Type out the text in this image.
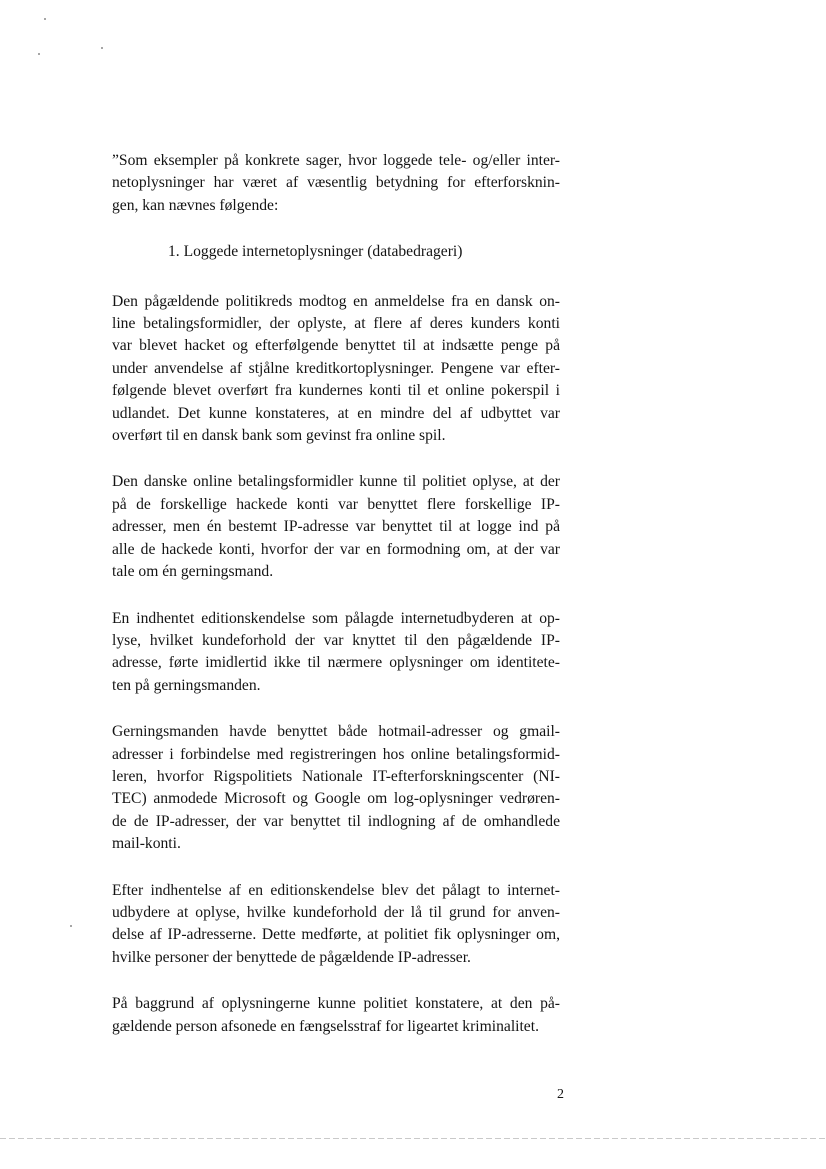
”Som eksempler på konkrete sager, hvor loggede tele- og/eller inter-
netoplysninger har været af væsentlig betydning for efterforsknin-
gen, kan nævnes følgende:

1. Loggede internetoplysninger (databedrageri)

Den pågældende politikreds modtog en anmeldelse fra en dansk on-
line betalingsformidler, der oplyste, at flere af deres kunders konti
var blevet hacket og efterfølgende benyttet til at indsætte penge på
under anvendelse af stjålne kreditkortoplysninger. Pengene var efter-
følgende blevet overført fra kundernes konti til et online pokerspil i
udlandet. Det kunne konstateres, at en mindre del af udbyttet var
overført til en dansk bank som gevinst fra online spil.

Den danske online betalingsformidler kunne til politiet oplyse, at der
på de forskellige hackede konti var benyttet flere forskellige IP-
adresser, men én bestemt IP-adresse var benyttet til at logge ind på
alle de hackede konti, hvorfor der var en formodning om, at der var
tale om én gerningsmand.

En indhentet editionskendelse som pålagde internetudbyderen at op-
lyse, hvilket kundeforhold der var knyttet til den pågældende IP-
adresse, førte imidlertid ikke til nærmere oplysninger om identitete-
ten på gerningsmanden.

Gerningsmanden havde benyttet både hotmail-adresser og gmail-
adresser i forbindelse med registreringen hos online betalingsformid-
leren, hvorfor Rigspolitiets Nationale IT-efterforskningscenter (NI-
TEC) anmodede Microsoft og Google om log-oplysninger vedrøren-
de de IP-adresser, der var benyttet til indlogning af de omhandlede
mail-konti.

Efter indhentelse af en editionskendelse blev det pålagt to internet-
udbydere at oplyse, hvilke kundeforhold der lå til grund for anven-
delse af IP-adresserne. Dette medførte, at politiet fik oplysninger om,
hvilke personer der benyttede de pågældende IP-adresser.

På baggrund af oplysningerne kunne politiet konstatere, at den på-
gældende person afsonede en fængselsstraf for ligeartet kriminalitet.

2
